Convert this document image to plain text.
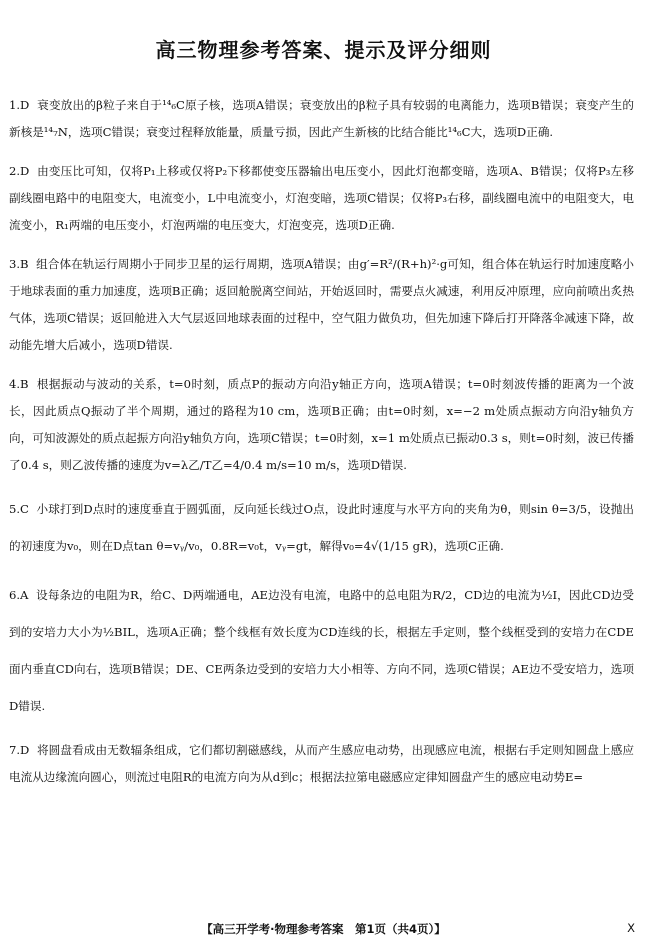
高三物理参考答案、提示及评分细则
1.D 衰变放出的β粒子来自于¹⁴₆C原子核，选项A错误；衰变放出的β粒子具有较弱的电离能力，选项B错误；衰变产生的新核是¹⁴₇N，选项C错误；衰变过程释放能量，质量亏损，因此产生新核的比结合能比¹⁴₆C大，选项D正确.
2.D 由变压比可知，仅将P₁上移或仅将P₂下移都使变压器输出电压变小，因此灯泡都变暗，选项A、B错误；仅将P₃左移副线圈电路中的电阻变大，电流变小，L中电流变小，灯泡变暗，选项C错误；仅将P₃右移，副线圈电流中的电阻变大，电流变小，R₁两端的电压变小，灯泡两端的电压变大，灯泡变亮，选项D正确.
3.B 组合体在轨运行周期小于同步卫星的运行周期，选项A错误；由g′=R²/(R+h)²·g可知，组合体在轨运行时加速度略小于地球表面的重力加速度，选项B正确；返回舱脱离空间站，开始返回时，需要点火减速，利用反冲原理，应向前喷出炙热气体，选项C错误；返回舱进入大气层返回地球表面的过程中，空气阻力做负功，但先加速下降后打开降落伞减速下降，故动能先增大后减小，选项D错误.
4.B 根据振动与波动的关系，t=0时刻，质点P的振动方向沿y轴正方向，选项A错误；t=0时刻波传播的距离为一个波长，因此质点Q振动了半个周期，通过的路程为10 cm，选项B正确；由t=0时刻，x=−2 m处质点振动方向沿y轴负方向，可知波源处的质点起振方向沿y轴负方向，选项C错误；t=0时刻，x=1 m处质点已振动0.3 s，则t=0时刻，波已传播了0.4 s，则乙波传播的速度为v=λ乙/T乙=4/0.4 m/s=10 m/s，选项D错误.
5.C 小球打到D点时的速度垂直于圆弧面，反向延长线过O点，设此时速度与水平方向的夹角为θ，则sin θ=3/5，设抛出的初速度为v₀，则在D点tan θ=vᵧ/v₀，0.8R=v₀t，vᵧ=gt，解得v₀=4√(1/15 gR)，选项C正确.
6.A 设每条边的电阻为R，给C、D两端通电，AE边没有电流，电路中的总电阻为R/2，CD边的电流为½I，因此CD边受到的安培力大小为½BIL，选项A正确；整个线框有效长度为CD连线的长，根据左手定则，整个线框受到的安培力在CDE面内垂直CD向右，选项B错误；DE、CE两条边受到的安培力大小相等、方向不同，选项C错误；AE边不受安培力，选项D错误.
7.D 将圆盘看成由无数辐条组成，它们都切割磁感线，从而产生感应电动势，出现感应电流，根据右手定则知圆盘上感应电流从边缘流向圆心，则流过电阻R的电流方向为从d到c；根据法拉第电磁感应定律知圆盘产生的感应电动势E=
【高三开学考·物理参考答案　第1页（共4页）】	X
